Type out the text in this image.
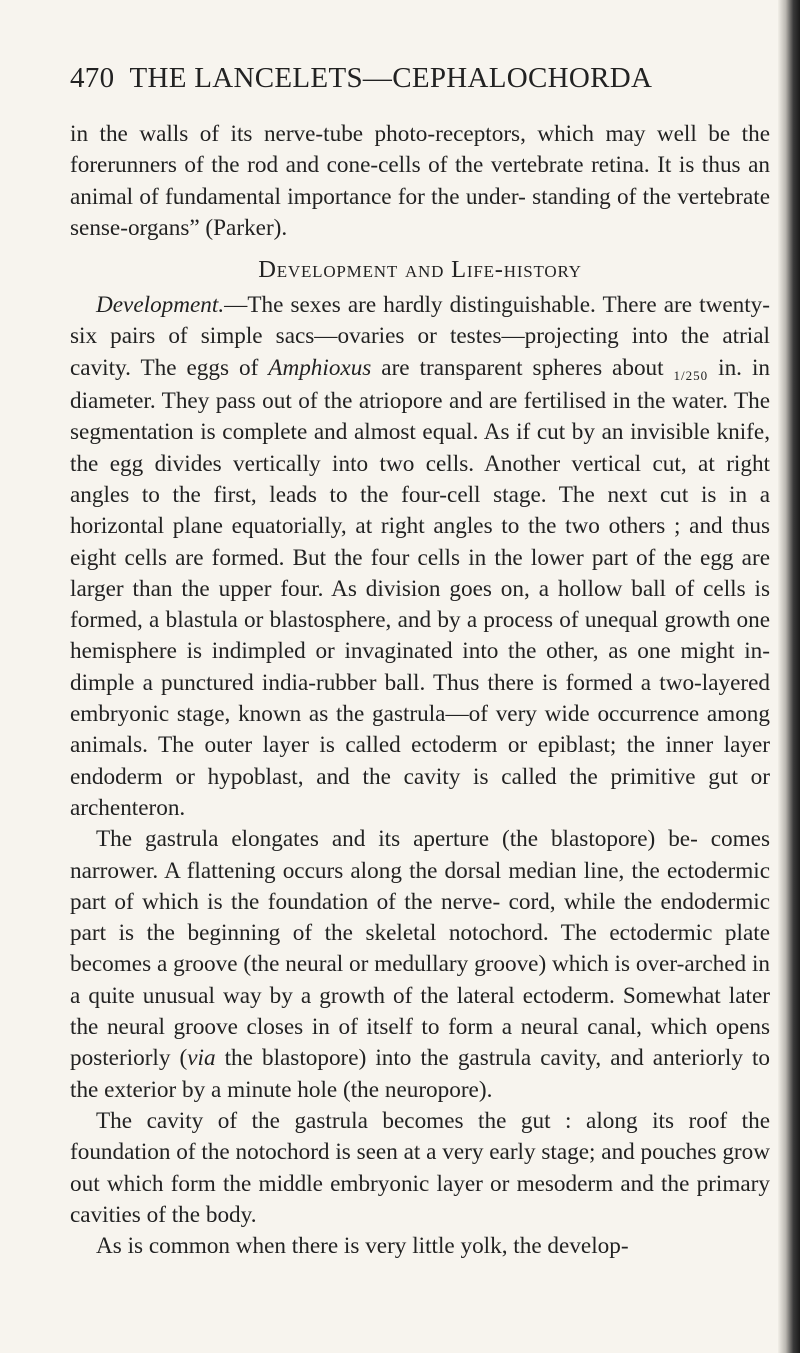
470 THE LANCELETS—CEPHALOCHORDA

in the walls of its nerve-tube photo-receptors, which may well be the forerunners of the rod and cone-cells of the vertebrate retina. It is thus an animal of fundamental importance for the under- standing of the vertebrate sense-organs” (Parker).

Development and Life-history

Development.—The sexes are hardly distinguishable. There are twenty-six pairs of simple sacs—ovaries or testes—projecting into the atrial cavity. The eggs of Amphioxus are transparent spheres about $_{1/250}$ in. in diameter. They pass out of the atriopore and are fertilised in the water. The segmentation is complete and almost equal. As if cut by an invisible knife, the egg divides vertically into two cells. Another vertical cut, at right angles to the first, leads to the four-cell stage. The next cut is in a horizontal plane equatorially, at right angles to the two others ; and thus eight cells are formed. But the four cells in the lower part of the egg are larger than the upper four. As division goes on, a hollow ball of cells is formed, a blastula or blastosphere, and by a process of unequal growth one hemisphere is indimpled or invaginated into the other, as one might in- dimple a punctured india-rubber ball. Thus there is formed a two-layered embryonic stage, known as the gastrula—of very wide occurrence among animals. The outer layer is called ectoderm or epiblast; the inner layer endoderm or hypoblast, and the cavity is called the primitive gut or archenteron.

The gastrula elongates and its aperture (the blastopore) be- comes narrower. A flattening occurs along the dorsal median line, the ectodermic part of which is the foundation of the nerve- cord, while the endodermic part is the beginning of the skeletal notochord. The ectodermic plate becomes a groove (the neural or medullary groove) which is over-arched in a quite unusual way by a growth of the lateral ectoderm. Somewhat later the neural groove closes in of itself to form a neural canal, which opens posteriorly (via the blastopore) into the gastrula cavity, and anteriorly to the exterior by a minute hole (the neuropore).

The cavity of the gastrula becomes the gut : along its roof the foundation of the notochord is seen at a very early stage; and pouches grow out which form the middle embryonic layer or mesoderm and the primary cavities of the body.

As is common when there is very little yolk, the develop-
